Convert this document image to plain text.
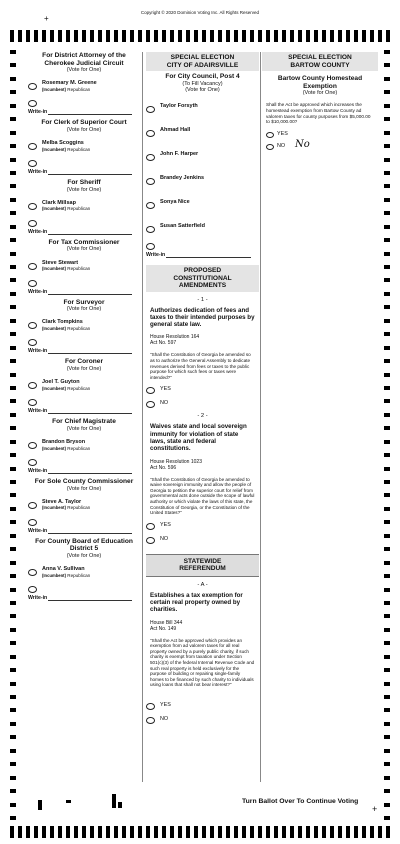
Copyright © 2020 Dominion Voting Inc. All Rights Reserved
+
For District Attorney of the
Cherokee Judicial Circuit
(Vote for One)
Rosemary M. Greene
(Incumbent) Republican
Write-in
For Clerk of Superior Court
(Vote for One)
Melba Scoggins
(Incumbent) Republican
Write-in
For Sheriff
(Vote for One)
Clark Millsap
(Incumbent) Republican
Write-in
For Tax Commissioner
(Vote for One)
Steve Stewart
(Incumbent) Republican
Write-in
For Surveyor
(Vote for One)
Clark Tompkins
(Incumbent) Republican
Write-in
For Coroner
(Vote for One)
Joel T. Guyton
(Incumbent) Republican
Write-in
For Chief Magistrate
(Vote for One)
Brandon Bryson
(Incumbent) Republican
Write-in
For Sole County Commissioner
(Vote for One)
Steve A. Taylor
(Incumbent) Republican
Write-in
For County Board of Education
District 5
(Vote for One)
Anna V. Sullivan
(Incumbent) Republican
Write-in
SPECIAL ELECTION
CITY OF ADAIRSVILLE
For City Council, Post 4
(To Fill Vacancy)
(Vote for One)
Taylor Forsyth
Ahmad Hall
John F. Harper
Brandey Jenkins
Sonya Nice
Susan Satterfield
Write-in
PROPOSED
CONSTITUTIONAL
AMENDMENTS
- 1 -
Authorizes dedication of fees and taxes to their intended purposes by general state law.
House Resolution 164
Act No. 597
"Shall the Constitution of Georgia be amended so as to authorize the General Assembly to dedicate revenues derived from fees or taxes to the public purpose for which such fees or taxes were intended?"
YES
NO
- 2 -
Waives state and local sovereign immunity for violation of state laws, state and federal constitutions.
House Resolution 1023
Act No. 596
"Shall the Constitution of Georgia be amended to waive sovereign immunity and allow the people of Georgia to petition the superior court for relief from governmental acts done outside the scope of lawful authority or which violate the laws of this state, the Constitution of Georgia, or the Constitution of the United States?"
YES
NO
STATEWIDE
REFERENDUM
- A -
Establishes a tax exemption for certain real property owned by charities.
House Bill 344
Act No. 149
"Shall the Act be approved which provides an exemption from ad valorem taxes for all real property owned by a purely public charity, if such charity is exempt from taxation under Section 501(c)(3) of the federal Internal Revenue Code and such real property is held exclusively for the purpose of building or repairing single-family homes to be financed by such charity to individuals using loans that shall not bear interest?"
YES
NO
SPECIAL ELECTION
BARTOW COUNTY
Bartow County Homestead Exemption
(Vote for One)
Shall the Act be approved which increases the homestead exemption from Bartow County ad valorem taxes for county purposes from $5,000.00 to $10,000.00?
YES
NO No
Turn Ballot Over To Continue Voting
+
